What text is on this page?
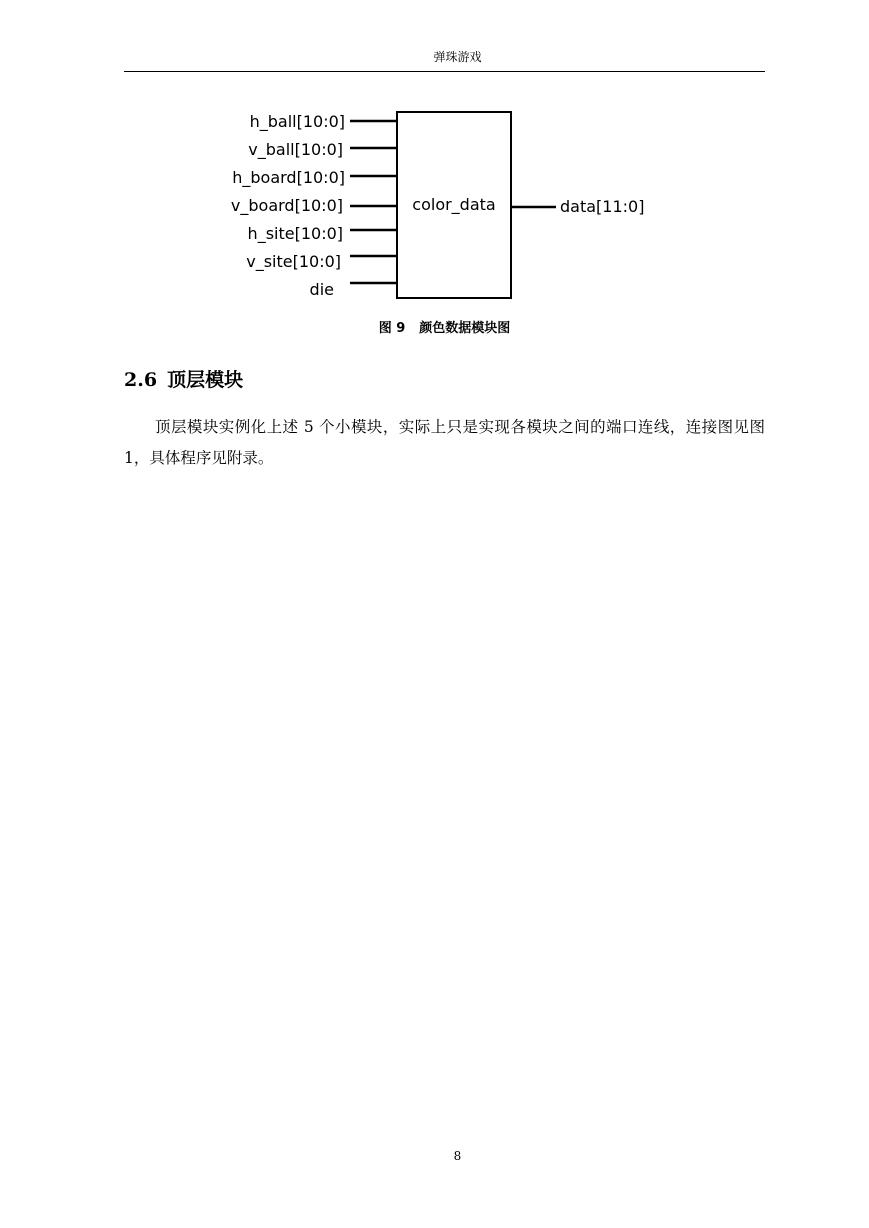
弹珠游戏
color_data
h_ball[10:0]
v_ball[10:0]
h_board[10:0]
v_board[10:0]
h_site[10:0]
v_site[10:0]
die
data[11:0]
图 9 颜色数据模块图
2.6 顶层模块
顶层模块实例化上述 5 个小模块，实际上只是实现各模块之间的端口连线，连接图见图 1，具体程序见附录。
8
